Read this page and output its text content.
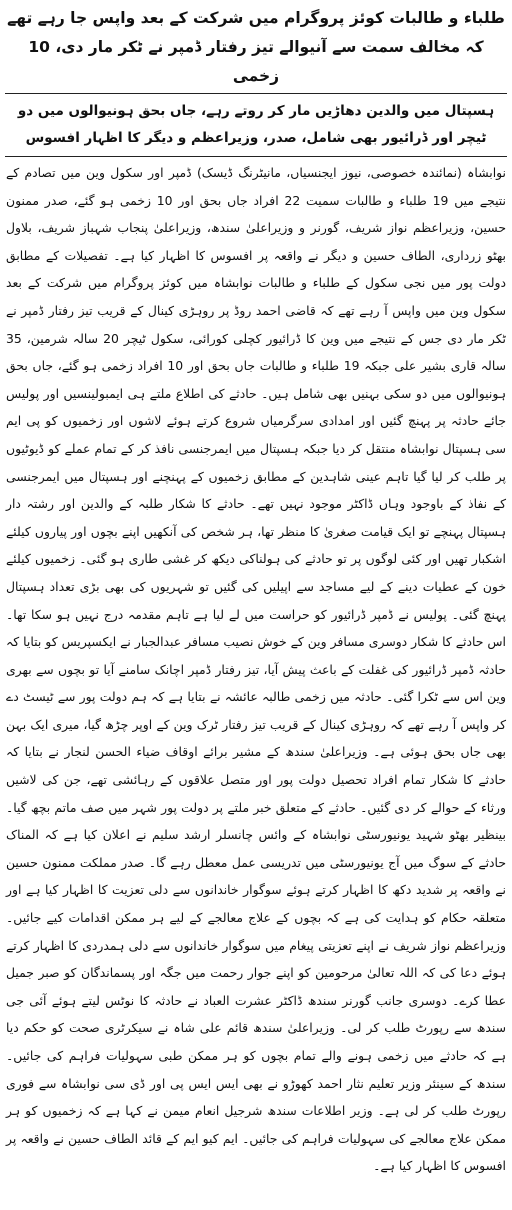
طلباء و طالبات کوئز پروگرام میں شرکت کے بعد واپس جا رہے تھے کہ مخالف سمت سے آنیوالے تیز رفتار ڈمپر نے ٹکر مار دی، 10 زخمی
ہسپتال میں والدین دھاڑیں مار کر روتے رہے، جاں بحق ہونیوالوں میں دو ٹیچر اور ڈرائیور بھی شامل، صدر، وزیراعظم و دیگر کا اظہار افسوس

نوابشاہ (نمائندہ خصوصی، نیوز ایجنسیاں، مانیٹرنگ ڈیسک) ڈمپر اور سکول وین میں تصادم کے نتیجے میں 19 طلباء و طالبات سمیت 22 افراد جاں بحق اور 10 زخمی ہو گئے، صدر ممنون حسین، وزیراعظم نواز شریف، گورنر و وزیراعلیٰ سندھ، وزیراعلیٰ پنجاب شہباز شریف، بلاول بھٹو زرداری، الطاف حسین و دیگر نے واقعہ پر افسوس کا اظہار کیا ہے۔ تفصیلات کے مطابق دولت پور میں نجی سکول کے طلباء و طالبات نوابشاہ میں کوئز پروگرام میں شرکت کے بعد سکول وین میں واپس آ رہے تھے کہ قاضی احمد روڈ پر روہڑی کینال کے قریب تیز رفتار ڈمپر نے ٹکر مار دی جس کے نتیجے میں وین کا ڈرائیور کچلی کورائی، سکول ٹیچر 20 سالہ شرمین، 35 سالہ قاری بشیر علی جبکہ 19 طلباء و طالبات جاں بحق اور 10 افراد زخمی ہو گئے، جاں بحق ہونیوالوں میں دو سکی بہنیں بھی شامل ہیں۔ حادثے کی اطلاع ملتے ہی ایمبولینسیں اور پولیس جائے حادثہ پر پہنچ گئیں اور امدادی سرگرمیاں شروع کرتے ہوئے لاشوں اور زخمیوں کو پی ایم سی ہسپتال نوابشاہ منتقل کر دیا جبکہ ہسپتال میں ایمرجنسی نافذ کر کے تمام عملے کو ڈیوٹیوں پر طلب کر لیا گیا تاہم عینی شاہدین کے مطابق زخمیوں کے پہنچنے اور ہسپتال میں ایمرجنسی کے نفاذ کے باوجود وہاں ڈاکٹر موجود نہیں تھے۔ حادثے کا شکار طلبہ کے والدین اور رشتہ دار ہسپتال پہنچے تو ایک قیامت صغریٰ کا منظر تھا، ہر شخص کی آنکھیں اپنے بچوں اور پیاروں کیلئے اشکبار تھیں اور کئی لوگوں پر تو حادثے کی ہولناکی دیکھ کر غشی طاری ہو گئی۔ زخمیوں کیلئے خون کے عطیات دینے کے لیے مساجد سے اپیلیں کی گئیں تو شہریوں کی بھی بڑی تعداد ہسپتال پہنچ گئی۔ پولیس نے ڈمپر ڈرائیور کو حراست میں لے لیا ہے تاہم مقدمہ درج نہیں ہو سکا تھا۔ اس حادثے کا شکار دوسری مسافر وین کے خوش نصیب مسافر عبدالجبار نے ایکسپریس کو بتایا کہ حادثہ ڈمپر ڈرائیور کی غفلت کے باعث پیش آیا، تیز رفتار ڈمپر اچانک سامنے آیا تو بچوں سے بھری وین اس سے ٹکرا گئی۔ حادثہ میں زخمی طالبہ عائشہ نے بتایا ہے کہ ہم دولت پور سے ٹیسٹ دے کر واپس آ رہے تھے کہ روہڑی کینال کے قریب تیز رفتار ٹرک وین کے اوپر چڑھ گیا، میری ایک بہن بھی جاں بحق ہوئی ہے۔ وزیراعلیٰ سندھ کے مشیر برائے اوقاف ضیاء الحسن لنجار نے بتایا کہ حادثے کا شکار تمام افراد تحصیل دولت پور اور متصل علاقوں کے رہائشی تھے، جن کی لاشیں ورثاء کے حوالے کر دی گئیں۔ حادثے کے متعلق خبر ملتے پر دولت پور شہر میں صف ماتم بچھ گیا۔ بینظیر بھٹو شہید یونیورسٹی نوابشاہ کے وائس چانسلر ارشد سلیم نے اعلان کیا ہے کہ المناک حادثے کے سوگ میں آج یونیورسٹی میں تدریسی عمل معطل رہے گا۔ صدر مملکت ممنون حسین نے واقعہ پر شدید دکھ کا اظہار کرتے ہوئے سوگوار خاندانوں سے دلی تعزیت کا اظہار کیا ہے اور متعلقہ حکام کو ہدایت کی ہے کہ بچوں کے علاج معالجے کے لیے ہر ممکن اقدامات کیے جائیں۔ وزیراعظم نواز شریف نے اپنے تعزیتی پیغام میں سوگوار خاندانوں سے دلی ہمدردی کا اظہار کرتے ہوئے دعا کی کہ اللہ تعالیٰ مرحومین کو اپنے جوار رحمت میں جگہ اور پسماندگان کو صبر جمیل عطا کرے۔ دوسری جانب گورنر سندھ ڈاکٹر عشرت العباد نے حادثہ کا نوٹس لیتے ہوئے آئی جی سندھ سے رپورٹ طلب کر لی۔ وزیراعلیٰ سندھ قائم علی شاہ نے سیکرٹری صحت کو حکم دیا ہے کہ حادثے میں زخمی ہونے والے تمام بچوں کو ہر ممکن طبی سہولیات فراہم کی جائیں۔ سندھ کے سینئر وزیر تعلیم نثار احمد کھوڑو نے بھی ایس ایس پی اور ڈی سی نوابشاہ سے فوری رپورٹ طلب کر لی ہے۔ وزیر اطلاعات سندھ شرجیل انعام میمن نے کہا ہے کہ زخمیوں کو ہر ممکن علاج معالجے کی سہولیات فراہم کی جائیں۔ ایم کیو ایم کے قائد الطاف حسین نے واقعہ پر افسوس کا اظہار کیا ہے۔
